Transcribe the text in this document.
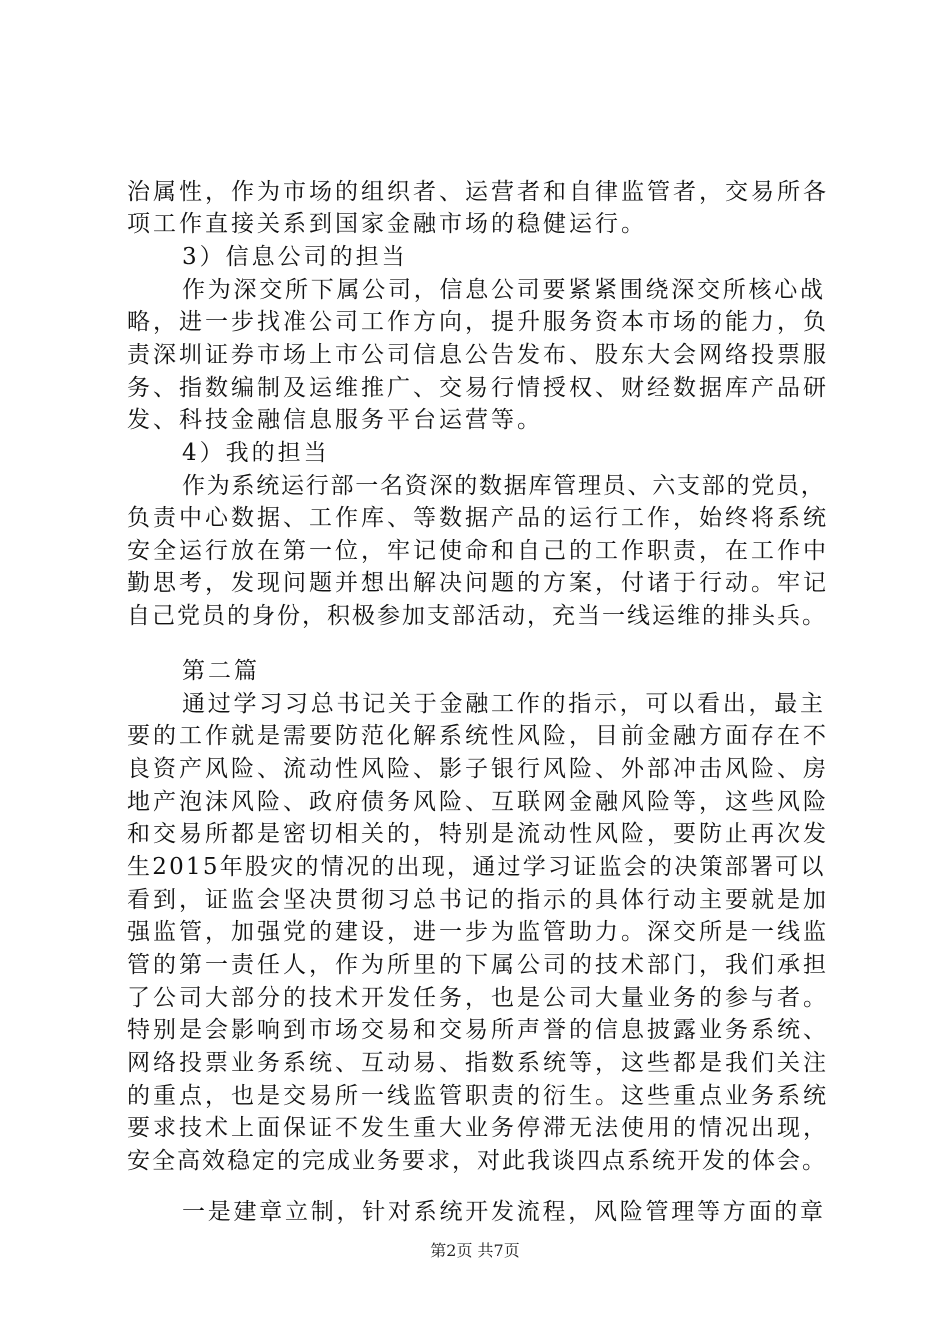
治属性，作为市场的组织者、运营者和自律监管者，交易所各
项工作直接关系到国家金融市场的稳健运行。
3）信息公司的担当
作为深交所下属公司，信息公司要紧紧围绕深交所核心战
略，进一步找准公司工作方向，提升服务资本市场的能力，负
责深圳证券市场上市公司信息公告发布、股东大会网络投票服
务、指数编制及运维推广、交易行情授权、财经数据库产品研
发、科技金融信息服务平台运营等。
4）我的担当
作为系统运行部一名资深的数据库管理员、六支部的党员，
负责中心数据、工作库、等数据产品的运行工作，始终将系统
安全运行放在第一位，牢记使命和自己的工作职责，在工作中
勤思考，发现问题并想出解决问题的方案，付诸于行动。牢记
自己党员的身份，积极参加支部活动，充当一线运维的排头兵。
第二篇
通过学习习总书记关于金融工作的指示，可以看出，最主
要的工作就是需要防范化解系统性风险，目前金融方面存在不
良资产风险、流动性风险、影子银行风险、外部冲击风险、房
地产泡沫风险、政府债务风险、互联网金融风险等，这些风险
和交易所都是密切相关的，特别是流动性风险，要防止再次发
生2015年股灾的情况的出现，通过学习证监会的决策部署可以
看到，证监会坚决贯彻习总书记的指示的具体行动主要就是加
强监管，加强党的建设，进一步为监管助力。深交所是一线监
管的第一责任人，作为所里的下属公司的技术部门，我们承担
了公司大部分的技术开发任务，也是公司大量业务的参与者。
特别是会影响到市场交易和交易所声誉的信息披露业务系统、
网络投票业务系统、互动易、指数系统等，这些都是我们关注
的重点，也是交易所一线监管职责的衍生。这些重点业务系统
要求技术上面保证不发生重大业务停滞无法使用的情况出现，
安全高效稳定的完成业务要求，对此我谈四点系统开发的体会。
一是建章立制，针对系统开发流程，风险管理等方面的章
第2页 共7页
